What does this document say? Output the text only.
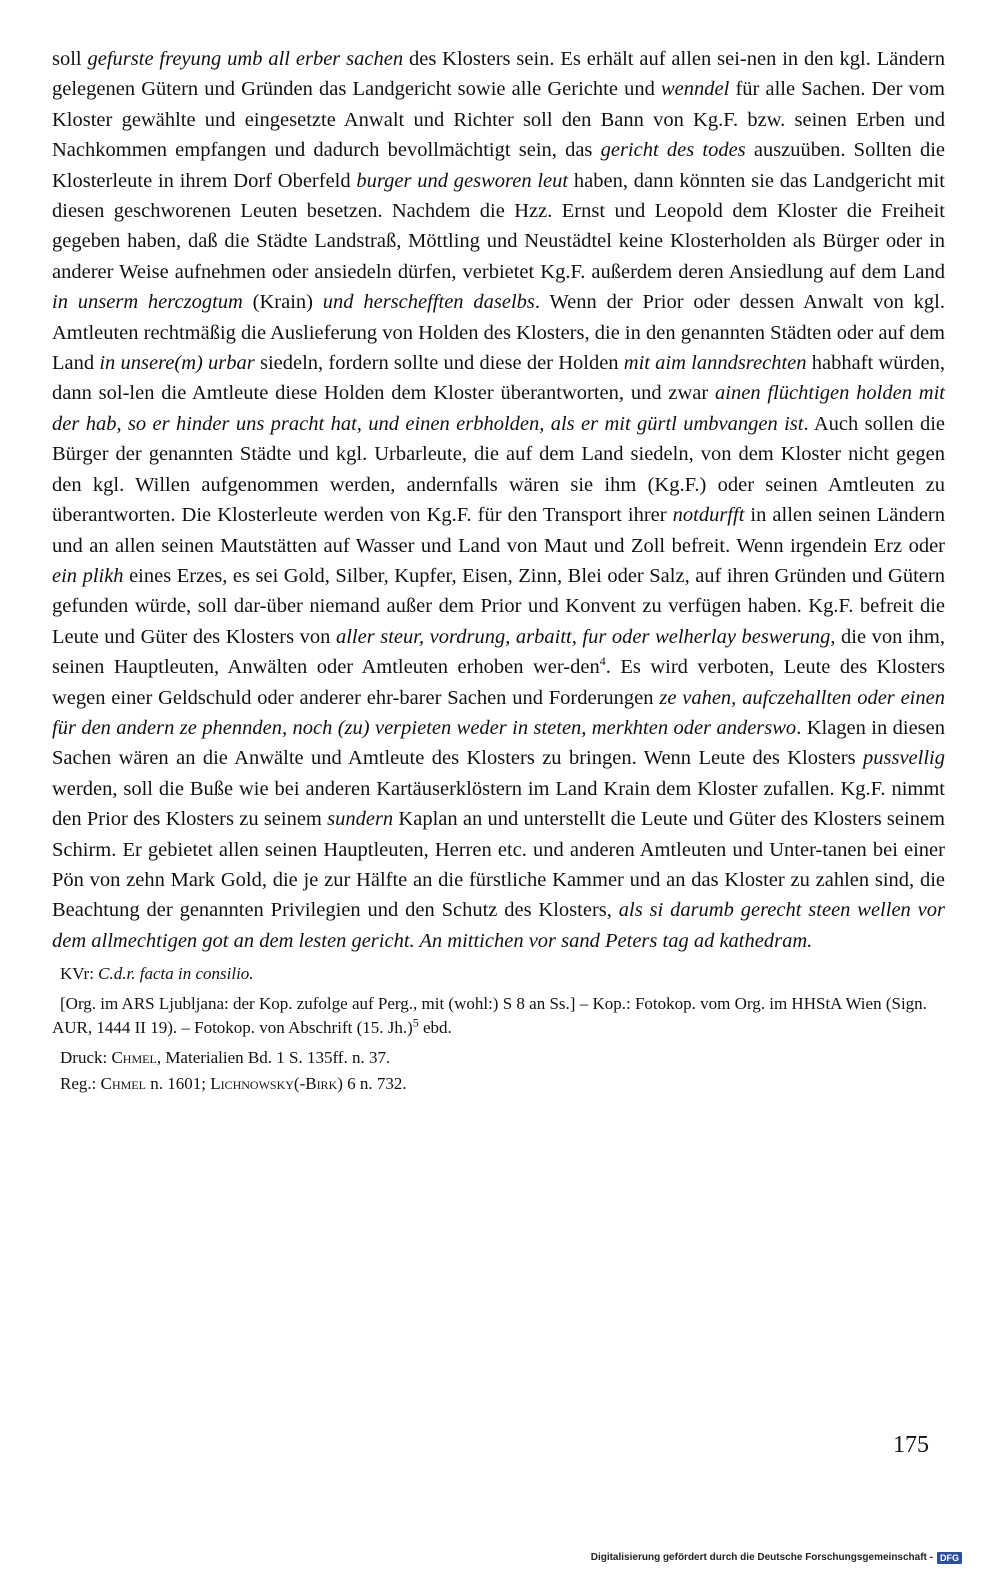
soll gefurste freyung umb all erber sachen des Klosters sein. Es erhält auf allen sei-nen in den kgl. Ländern gelegenen Gütern und Gründen das Landgericht sowie alle Gerichte und wenndel für alle Sachen. Der vom Kloster gewählte und eingesetzte Anwalt und Richter soll den Bann von Kg.F. bzw. seinen Erben und Nachkommen empfangen und dadurch bevollmächtigt sein, das gericht des todes auszuüben. Sollten die Klosterleute in ihrem Dorf Oberfeld burger und gesworen leut haben, dann könnten sie das Landgericht mit diesen geschworenen Leuten besetzen. Nachdem die Hzz. Ernst und Leopold dem Kloster die Freiheit gegeben haben, daß die Städte Landstraß, Möttling und Neustädtel keine Klosterholden als Bürger oder in anderer Weise aufnehmen oder ansiedeln dürfen, verbietet Kg.F. außerdem deren Ansiedlung auf dem Land in unserm herczogtum (Krain) und herschefften daselbs. Wenn der Prior oder dessen Anwalt von kgl. Amtleuten rechtmäßig die Auslieferung von Holden des Klosters, die in den genannten Städten oder auf dem Land in unsere(m) urbar siedeln, fordern sollte und diese der Holden mit aim lanndsrechten habhaft würden, dann sol-len die Amtleute diese Holden dem Kloster überantworten, und zwar ainen flüchtigen holden mit der hab, so er hinder uns pracht hat, und einen erbholden, als er mit gürtl umbvangen ist. Auch sollen die Bürger der genannten Städte und kgl. Urbarleute, die auf dem Land siedeln, von dem Kloster nicht gegen den kgl. Willen aufgenommen werden, andernfalls wären sie ihm (Kg.F.) oder seinen Amtleuten zu überantworten. Die Klosterleute werden von Kg.F. für den Transport ihrer notdurfft in allen seinen Ländern und an allen seinen Mautstätten auf Wasser und Land von Maut und Zoll befreit. Wenn irgendein Erz oder ein plikh eines Erzes, es sei Gold, Silber, Kupfer, Eisen, Zinn, Blei oder Salz, auf ihren Gründen und Gütern gefunden würde, soll dar-über niemand außer dem Prior und Konvent zu verfügen haben. Kg.F. befreit die Leute und Güter des Klosters von aller steur, vordrung, arbaitt, fur oder welherlay beswerung, die von ihm, seinen Hauptleuten, Anwälten oder Amtleuten erhoben wer-den$^4$. Es wird verboten, Leute des Klosters wegen einer Geldschuld oder anderer ehr-barer Sachen und Forderungen ze vahen, aufczehallten oder einen für den andern ze phennden, noch (zu) verpieten weder in steten, merkhten oder anderswo. Klagen in diesen Sachen wären an die Anwälte und Amtleute des Klosters zu bringen. Wenn Leute des Klosters pussvellig werden, soll die Buße wie bei anderen Kartäuserklöstern im Land Krain dem Kloster zufallen. Kg.F. nimmt den Prior des Klosters zu seinem sundern Kaplan an und unterstellt die Leute und Güter des Klosters seinem Schirm. Er gebietet allen seinen Hauptleuten, Herren etc. und anderen Amtleuten und Unter-tanen bei einer Pön von zehn Mark Gold, die je zur Hälfte an die fürstliche Kammer und an das Kloster zu zahlen sind, die Beachtung der genannten Privilegien und den Schutz des Klosters, als si darumb gerecht steen wellen vor dem allmechtigen got an dem lesten gericht. An mittichen vor sand Peters tag ad kathedram.

KVr: C.d.r. facta in consilio.

[Org. im ARS Ljubljana: der Kop. zufolge auf Perg., mit (wohl:) S 8 an Ss.] – Kop.: Fotokop. vom Org. im HHStA Wien (Sign. AUR, 1444 II 19). – Fotokop. von Abschrift (15. Jh.)$^5$ ebd.

Druck: Chmel, Materialien Bd. 1 S. 135ff. n. 37.

Reg.: Chmel n. 1601; Lichnowsky(-Birk) 6 n. 732.

175
Digitalisierung gefördert durch die Deutsche Forschungsgemeinschaft - DFG
